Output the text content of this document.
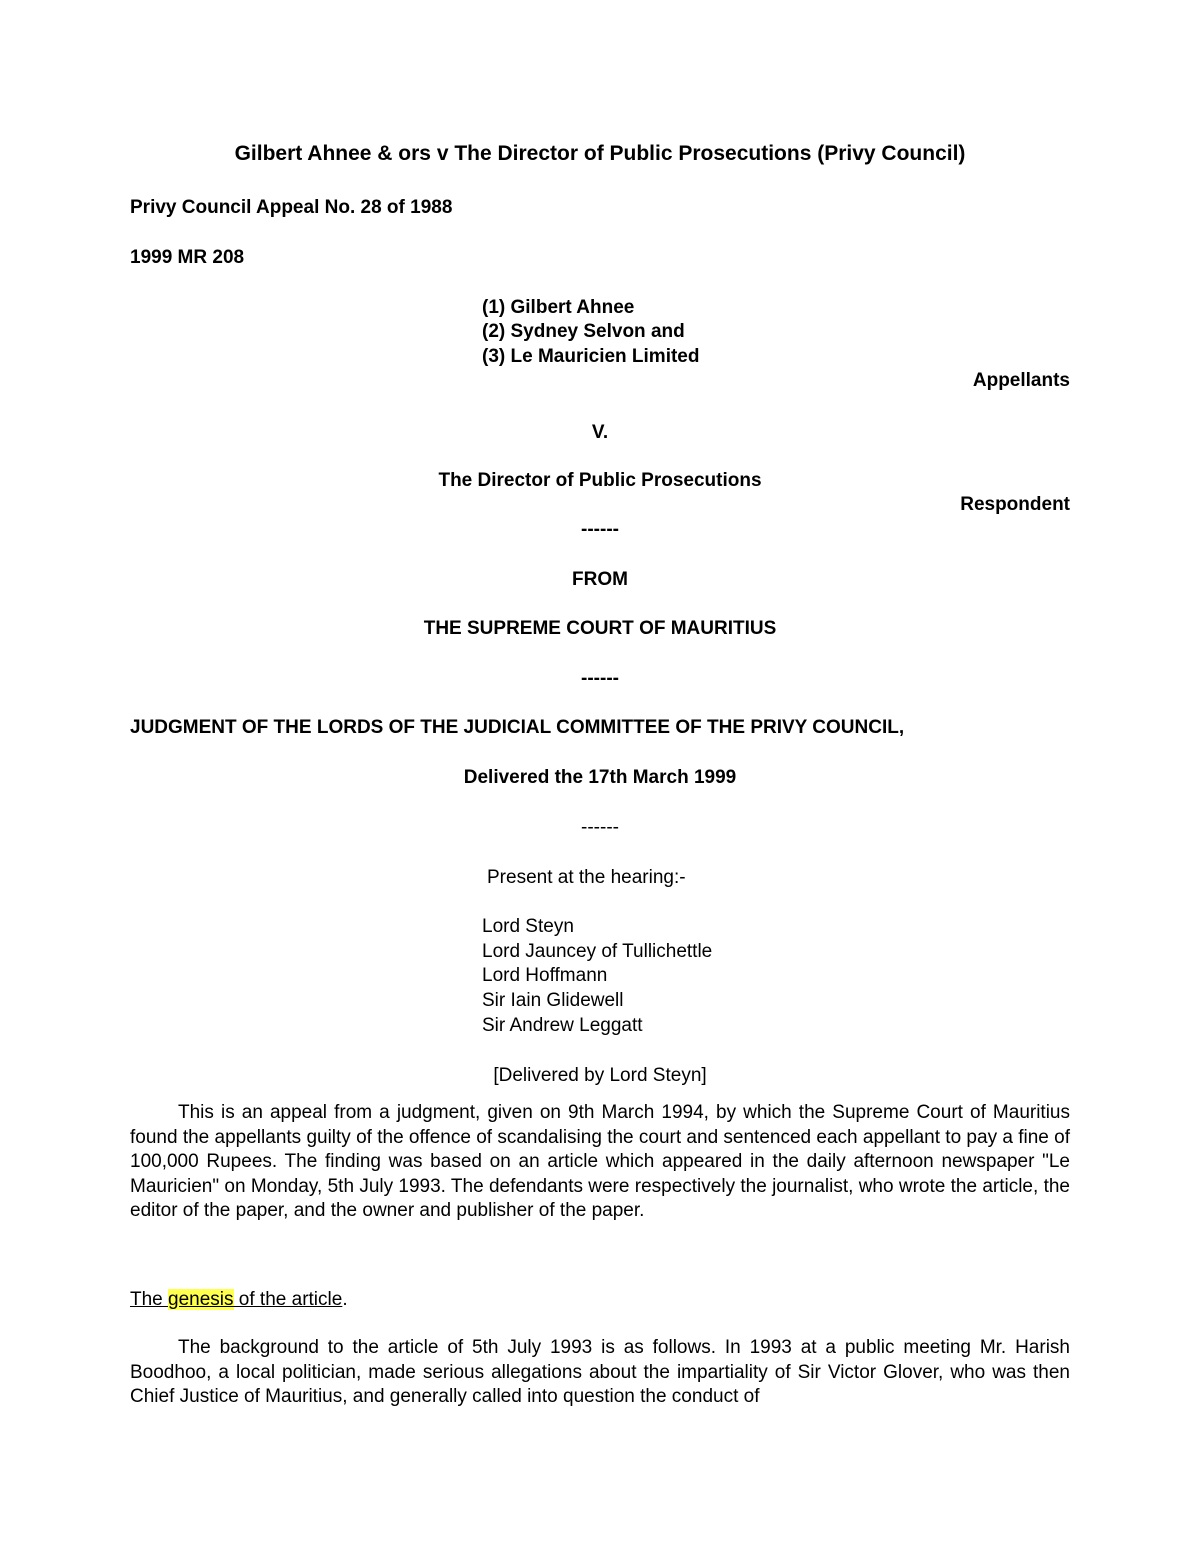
Gilbert Ahnee & ors v The Director of Public Prosecutions (Privy Council)
Privy Council Appeal No. 28 of 1988
1999 MR 208
(1) Gilbert Ahnee
(2) Sydney Selvon and
(3) Le Mauricien Limited
Appellants
V.
The Director of Public Prosecutions
Respondent
------
FROM
THE SUPREME COURT OF MAURITIUS
------
JUDGMENT OF THE LORDS OF THE JUDICIAL COMMITTEE OF THE PRIVY COUNCIL,
Delivered the 17th March 1999
------
Present at the hearing:-
Lord Steyn
Lord Jauncey of Tullichettle
Lord Hoffmann
Sir Iain Glidewell
Sir Andrew Leggatt
[Delivered by Lord Steyn]

This is an appeal from a judgment, given on 9th March 1994, by which the Supreme Court of Mauritius found the appellants guilty of the offence of scandalising the court and sentenced each appellant to pay a fine of 100,000 Rupees. The finding was based on an article which appeared in the daily afternoon newspaper "Le Mauricien" on Monday, 5th July 1993. The defendants were respectively the journalist, who wrote the article, the editor of the paper, and the owner and publisher of the paper.

The genesis of the article.

The background to the article of 5th July 1993 is as follows. In 1993 at a public meeting Mr. Harish Boodhoo, a local politician, made serious allegations about the impartiality of Sir Victor Glover, who was then Chief Justice of Mauritius, and generally called into question the conduct of
